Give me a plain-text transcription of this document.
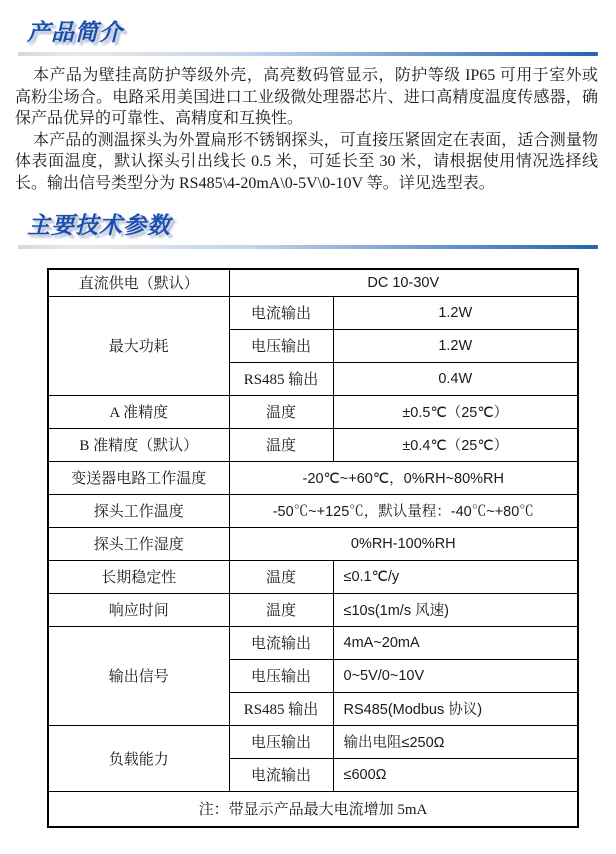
产品简介

本产品为壁挂高防护等级外壳，高亮数码管显示，防护等级 IP65 可用于室外或高粉尘场合。电路采用美国进口工业级微处理器芯片、进口高精度温度传感器，确保产品优异的可靠性、高精度和互换性。

本产品的测温探头为外置扁形不锈钢探头，可直接压紧固定在表面，适合测量物体表面温度，默认探头引出线长 0.5 米，可延长至 30 米，请根据使用情况选择线长。输出信号类型分为 RS485\4-20mA\0-5V\0-10V 等。详见选型表。

主要技术参数
直流供电（默认）	DC 10-30V	
最大功耗	电流输出	1.2W
	电压输出	1.2W
	RS485 输出	0.4W
A 准精度	温度	±0.5℃（25℃）
B 准精度（默认）	温度	±0.4℃（25℃）
变送器电路工作温度	-20℃~+60℃，0%RH~80%RH	
探头工作温度	-50℃~+125℃，默认量程：-40℃~+80℃	
探头工作湿度	0%RH-100%RH	
长期稳定性	温度	≤0.1℃/y
响应时间	温度	≤10s(1m/s 风速)
输出信号	电流输出	4mA~20mA
	电压输出	0~5V/0~10V
	RS485 输出	RS485(Modbus 协议)
负载能力	电压输出	输出电阻≤250Ω
	电流输出	≤600Ω
注：带显示产品最大电流增加 5mA		
